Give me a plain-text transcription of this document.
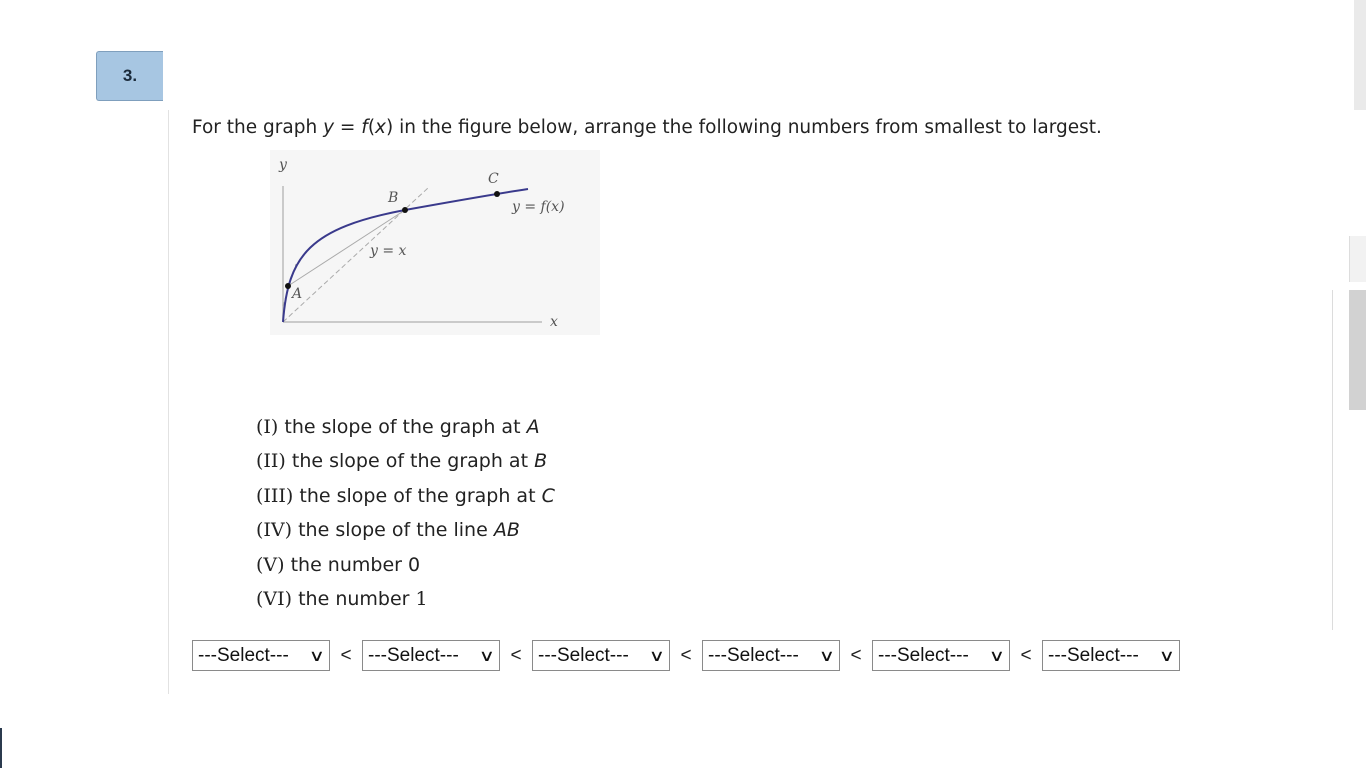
3.
For the graph y = f(x) in the figure below, arrange the following numbers from smallest to largest.
y
x
y = f(x)
y = x
A
B
C
(I) the slope of the graph at A
(II) the slope of the graph at B
(III) the slope of the graph at C
(IV) the slope of the line AB
(V) the number 0
(VI) the number 1
---Select--- ∨ < ---Select--- ∨ < ---Select--- ∨ < ---Select--- ∨ < ---Select--- ∨ < ---Select--- ∨
